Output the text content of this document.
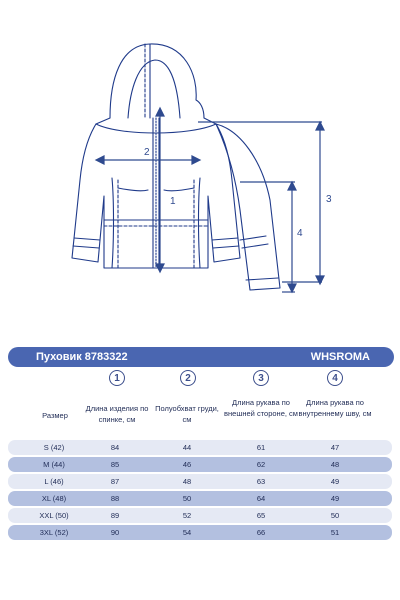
1
2
3
4
Пуховик 8783322	WHSROMA
1	2	3	4
Размер
Длина изделия по спинке, см
Полуобхват груди, см
Длина рукава по внешней стороне, см
Длина рукава по внутреннему шву, см
S (42)	84	44	61	47
M (44)	85	46	62	48
L (46)	87	48	63	49
XL (48)	88	50	64	49
XXL (50)	89	52	65	50
3XL (52)	90	54	66	51
